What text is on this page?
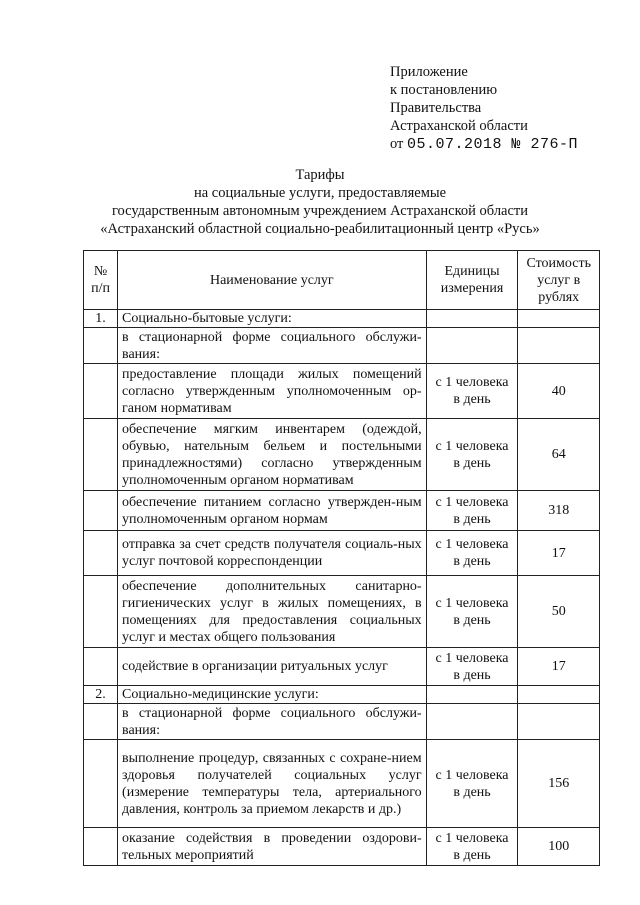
Приложение
к постановлению
Правительства
Астраханской области
от 05.07.2018 № 276-П
Тарифы
на социальные услуги, предоставляемые
государственным автономным учреждением Астраханской области
«Астраханский областной социально-реабилитационный центр «Русь»
№ п/п	Наименование услуг	Единицы измерения	Стоимость услуг в рублях
1.	Социально-бытовые услуги:		
	в стационарной форме социального обслужи-вания:		
	предоставление площади жилых помещений согласно утвержденным уполномоченным ор-ганом нормативам	с 1 человека в день	40
	обеспечение мягким инвентарем (одеждой, обувью, нательным бельем и постельными принадлежностями) согласно утвержденным уполномоченным органом нормативам	с 1 человека в день	64
	обеспечение питанием согласно утвержден-ным уполномоченным органом нормам	с 1 человека в день	318
	отправка за счет средств получателя социаль-ных услуг почтовой корреспонденции	с 1 человека в день	17
	обеспечение дополнительных санитарно-гигиенических услуг в жилых помещениях, в помещениях для предоставления социальных услуг и местах общего пользования	с 1 человека в день	50
	содействие в организации ритуальных услуг	с 1 человека в день	17
2.	Социально-медицинские услуги:		
	в стационарной форме социального обслужи-вания:		
	выполнение процедур, связанных с сохране-нием здоровья получателей социальных услуг (измерение температуры тела, артериального давления, контроль за приемом лекарств и др.)	с 1 человека в день	156
	оказание содействия в проведении оздорови-тельных мероприятий	с 1 человека в день	100
